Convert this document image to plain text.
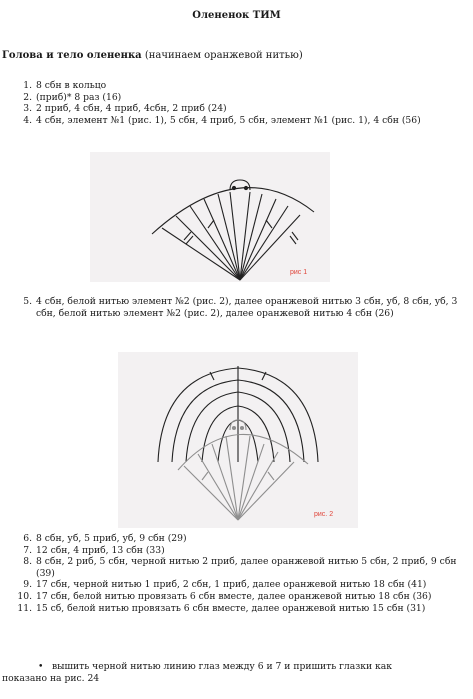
Олененок ТИМ
Голова и тело олененка (начинаем оранжевой нитью)
1. 8 сбн в кольцо
2. (приб)* 8 раз (16)
3. 2 приб, 4 сбн, 4 приб, 4сбн, 2 приб (24)
4. 4 сбн, элемент №1 (рис. 1), 5 сбн, 4 приб, 5 сбн, элемент №1 (рис. 1), 4 сбн (56)
рис 1
5. 4 сбн, белой нитью элемент №2 (рис. 2), далее оранжевой нитью 3 сбн, уб, 8 сбн, уб, 3 сбн, белой нитью элемент №2 (рис. 2), далее оранжевой нитью 4 сбн (26)
рис. 2
6. 8 сбн, уб, 5 приб, уб, 9 сбн (29)
7. 12 сбн, 4 приб, 13 сбн (33)
8. 8 сбн, 2 риб, 5 сбн, черной нитью 2 приб, далее оранжевой нитью 5 сбн, 2 приб, 9 сбн (39)
9. 17 сбн, черной нитью 1 приб, 2 сбн, 1 приб, далее оранжевой нитью 18 сбн (41)
10. 17 сбн, белой нитью провязать 6 сбн вместе, далее оранжевой нитью 18 сбн (36)
11. 15 сб, белой нитью провязать 6 сбн вместе, далее оранжевой нитью 15 сбн (31)
• вышить черной нитью линию глаз между 6 и 7 и пришить глазки как
показано на рис. 24
